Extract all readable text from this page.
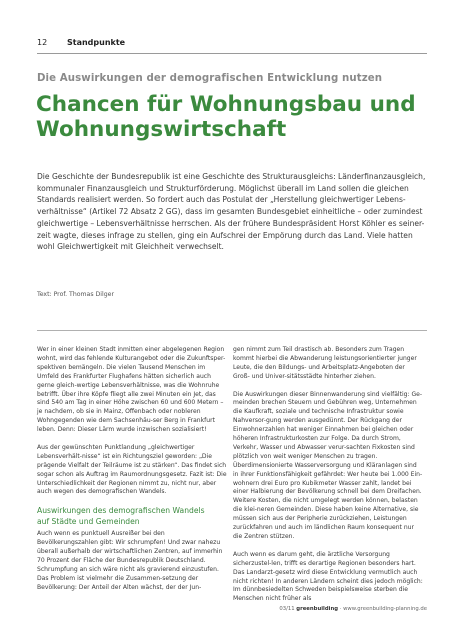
12 Standpunkte
Die Auswirkungen der demografischen Entwicklung nutzen
Chancen für Wohnungsbau und
Wohnungswirtschaft
Die Geschichte der Bundesrepublik ist eine Geschichte des Strukturausgleichs: Länderfinanzausgleich, kommunaler Finanzausgleich und Strukturförderung. Möglichst überall im Land sollen die gleichen Standards realisiert werden. So fordert auch das Postulat der „Herstellung gleichwertiger Lebens-verhältnisse“ (Artikel 72 Absatz 2 GG), dass im gesamten Bundesgebiet einheitliche – oder zumindest gleichwertige – Lebensverhältnisse herrschen. Als der frühere Bundespräsident Horst Köhler es seiner-zeit wagte, dieses infrage zu stellen, ging ein Aufschrei der Empörung durch das Land. Viele hatten wohl Gleichwertigkeit mit Gleichheit verwechselt.
Text: Prof. Thomas Dilger

Wer in einer kleinen Stadt inmitten einer abgelegenen Region wohnt, wird das fehlende Kulturangebot oder die Zukunftsper-spektiven bemängeln. Die vielen Tausend Menschen im Umfeld des Frankfurter Flughafens hätten sicherlich auch gerne gleich-wertige Lebensverhältnisse, was die Wohnruhe betrifft. Über ihre Köpfe fliegt alle zwei Minuten ein Jet, das sind 540 am Tag in einer Höhe zwischen 60 und 600 Metern – je nachdem, ob sie in Mainz, Offenbach oder nobleren Wohngegenden wie dem Sachsenhäu-ser Berg in Frankfurt leben. Denn: Dieser Lärm wurde inzwischen sozialisiert!

Aus der gewünschten Punktlandung „gleichwertiger Lebensverhält-nisse“ ist ein Richtungsziel geworden: „Die prägende Vielfalt der Teilräume ist zu stärken“. Das findet sich sogar schon als Auftrag im Raumordnungsgesetz. Fazit ist: Die Unterschiedlichkeit der Regionen nimmt zu, nicht nur, aber auch wegen des demografischen Wandels.

Auswirkungen des demografischen Wandels
auf Städte und Gemeinden

Auch wenn es punktuell Ausreißer bei den Bevölkerungszahlen gibt: Wir schrumpfen! Und zwar nahezu überall außerhalb der wirtschaftlichen Zentren, auf immerhin 70 Prozent der Fläche der Bundesrepublik Deutschland. Schrumpfung an sich wäre nicht als gravierend einzustufen. Das Problem ist vielmehr die Zusammen-setzung der Bevölkerung: Der Anteil der Alten wächst, der der Jun-

gen nimmt zum Teil drastisch ab. Besonders zum Tragen kommt hierbei die Abwanderung leistungsorientierter junger Leute, die den Bildungs- und Arbeitsplatz-Angeboten der Groß- und Univer-sitätsstädte hinterher ziehen.

Die Auswirkungen dieser Binnenwanderung sind vielfältig: Ge-meinden brechen Steuern und Gebühren weg, Unternehmen die Kaufkraft, soziale und technische Infrastruktur sowie Nahversor-gung werden ausgedünnt. Der Rückgang der Einwohnerzahlen hat weniger Einnahmen bei gleichen oder höheren Infrastrukturkosten zur Folge. Da durch Strom, Verkehr, Wasser und Abwasser verur-sachten Fixkosten sind plötzlich von weit weniger Menschen zu tragen. Überdimensionierte Wasserversorgung und Kläranlagen sind in ihrer Funktionsfähigkeit gefährdet: Wer heute bei 1.000 Ein-wohnern drei Euro pro Kubikmeter Wasser zahlt, landet bei einer Halbierung der Bevölkerung schnell bei dem Dreifachen. Weitere Kosten, die nicht umgelegt werden können, belasten die klei-neren Gemeinden. Diese haben keine Alternative, sie müssen sich aus der Peripherie zurückziehen, Leistungen zurückfahren und auch im ländlichen Raum konsequent nur die Zentren stützen.

Auch wenn es darum geht, die ärztliche Versorgung sicherzustel-len, trifft es derartige Regionen besonders hart. Das Landarzt-gesetz wird diese Entwicklung vermutlich auch nicht richten! In anderen Ländern scheint dies jedoch möglich: Im dünnbesiedelten Schweden beispielsweise sterben die Menschen nicht früher als

03/11 greenbuilding · www.greenbuilding-planning.de
